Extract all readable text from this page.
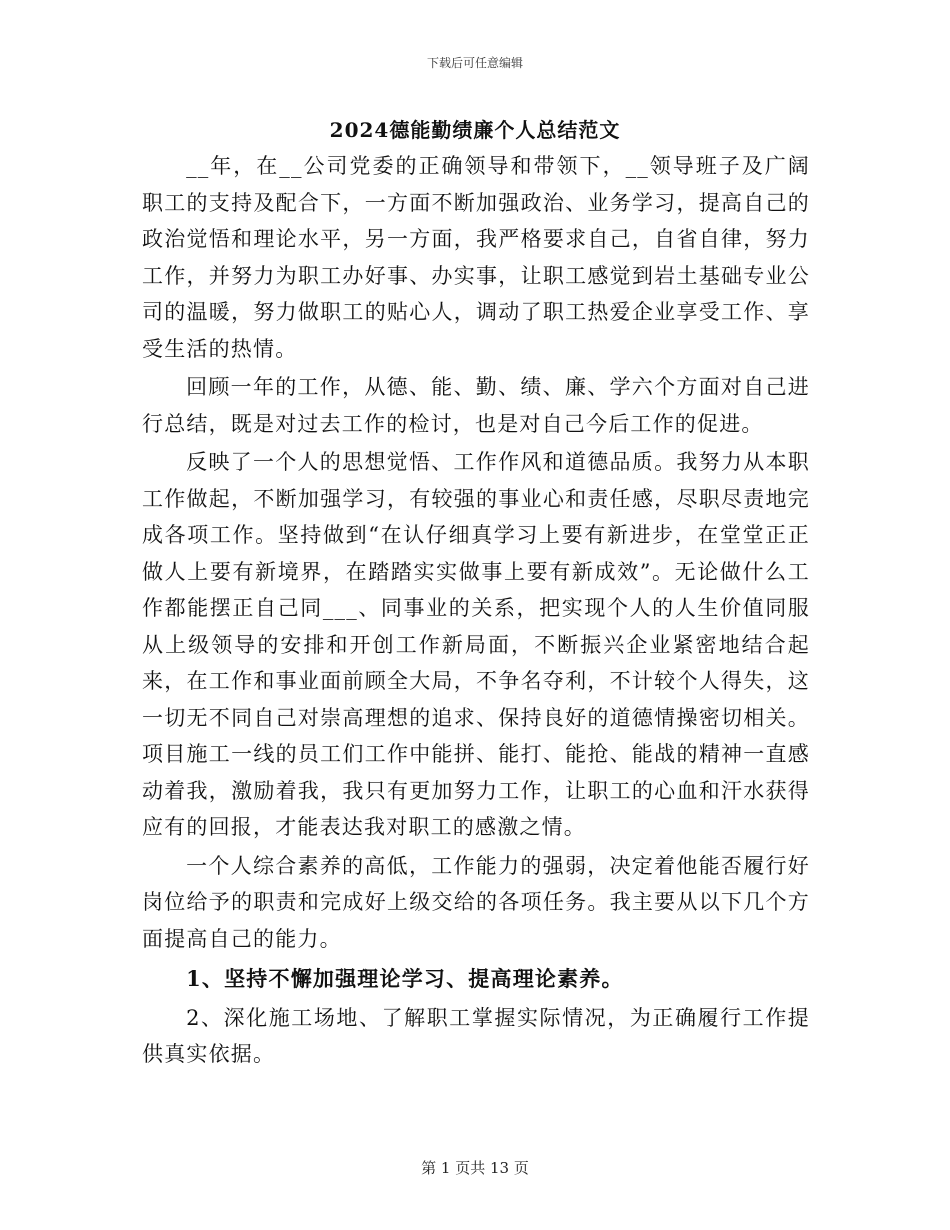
下载后可任意编辑
2024德能勤绩廉个人总结范文

__年，在__公司党委的正确领导和带领下，__领导班子及广阔职工的支持及配合下，一方面不断加强政治、业务学习，提高自己的政治觉悟和理论水平，另一方面，我严格要求自己，自省自律，努力工作，并努力为职工办好事、办实事，让职工感觉到岩土基础专业公司的温暖，努力做职工的贴心人，调动了职工热爱企业享受工作、享受生活的热情。

回顾一年的工作，从德、能、勤、绩、廉、学六个方面对自己进行总结，既是对过去工作的检讨，也是对自己今后工作的促进。

反映了一个人的思想觉悟、工作作风和道德品质。我努力从本职工作做起，不断加强学习，有较强的事业心和责任感，尽职尽责地完成各项工作。坚持做到“在认仔细真学习上要有新进步，在堂堂正正做人上要有新境界，在踏踏实实做事上要有新成效”。无论做什么工作都能摆正自己同___、同事业的关系，把实现个人的人生价值同服从上级领导的安排和开创工作新局面，不断振兴企业紧密地结合起来，在工作和事业面前顾全大局，不争名夺利，不计较个人得失，这一切无不同自己对崇高理想的追求、保持良好的道德情操密切相关。项目施工一线的员工们工作中能拼、能打、能抢、能战的精神一直感动着我，激励着我，我只有更加努力工作，让职工的心血和汗水获得应有的回报，才能表达我对职工的感激之情。

一个人综合素养的高低，工作能力的强弱，决定着他能否履行好岗位给予的职责和完成好上级交给的各项任务。我主要从以下几个方面提高自己的能力。

1、坚持不懈加强理论学习、提高理论素养。

2、深化施工场地、了解职工掌握实际情况，为正确履行工作提供真实依据。

第 1 页共 13 页
